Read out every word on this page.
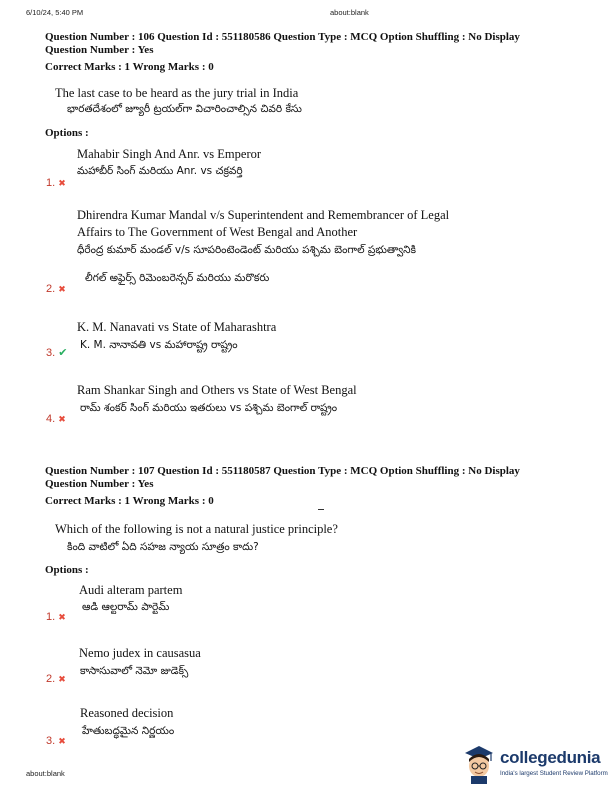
6/10/24, 5:40 PM	about:blank
Question Number : 106 Question Id : 551180586 Question Type : MCQ Option Shuffling : No Display
Question Number : Yes
Correct Marks : 1 Wrong Marks : 0
The last case to be heard as the jury trial in India
భారతదేశంలో జ్యూరీ ట్రయల్‌గా విచారించాల్సిన చివరి కేసు
Options :
Mahabir Singh And Anr. vs Emperor
మహాబీర్ సింగ్ మరియు Anr. vs చక్రవర్తి
1. ✖
Dhirendra Kumar Mandal v/s Superintendent and Remembrancer of Legal
Affairs to The Government of West Bengal and Another
ధీరేంద్ర కుమార్ మండల్ v/s సూపరింటెండెంట్ మరియు పశ్చిమ బెంగాల్ ప్రభుత్వానికి
లీగల్ అఫైర్స్ రిమెంబరెన్సర్ మరియు మరొకరు
2. ✖
K. M. Nanavati vs State of Maharashtra
K. M. నానావతి vs మహారాష్ట్ర రాష్ట్రం
3. ✔
Ram Shankar Singh and Others vs State of West Bengal
రామ్ శంకర్ సింగ్ మరియు ఇతరులు vs పశ్చిమ బెంగాల్ రాష్ట్రం
4. ✖
Question Number : 107 Question Id : 551180587 Question Type : MCQ Option Shuffling : No Display
Question Number : Yes
Correct Marks : 1 Wrong Marks : 0
Which of the following is not a natural justice principle?
కింది వాటిలో ఏది సహజ న్యాయ సూత్రం కాదు?
Options :
Audi alteram partem
ఆడి ఆల్టరామ్ పార్టెమ్
1. ✖
Nemo judex in causasua
కాసాసువాలో నెమో జుడెక్స్
2. ✖
Reasoned decision
హేతుబద్ధమైన నిర్ణయం
3. ✖
about:blank
collegedunia
India's largest Student Review Platform
